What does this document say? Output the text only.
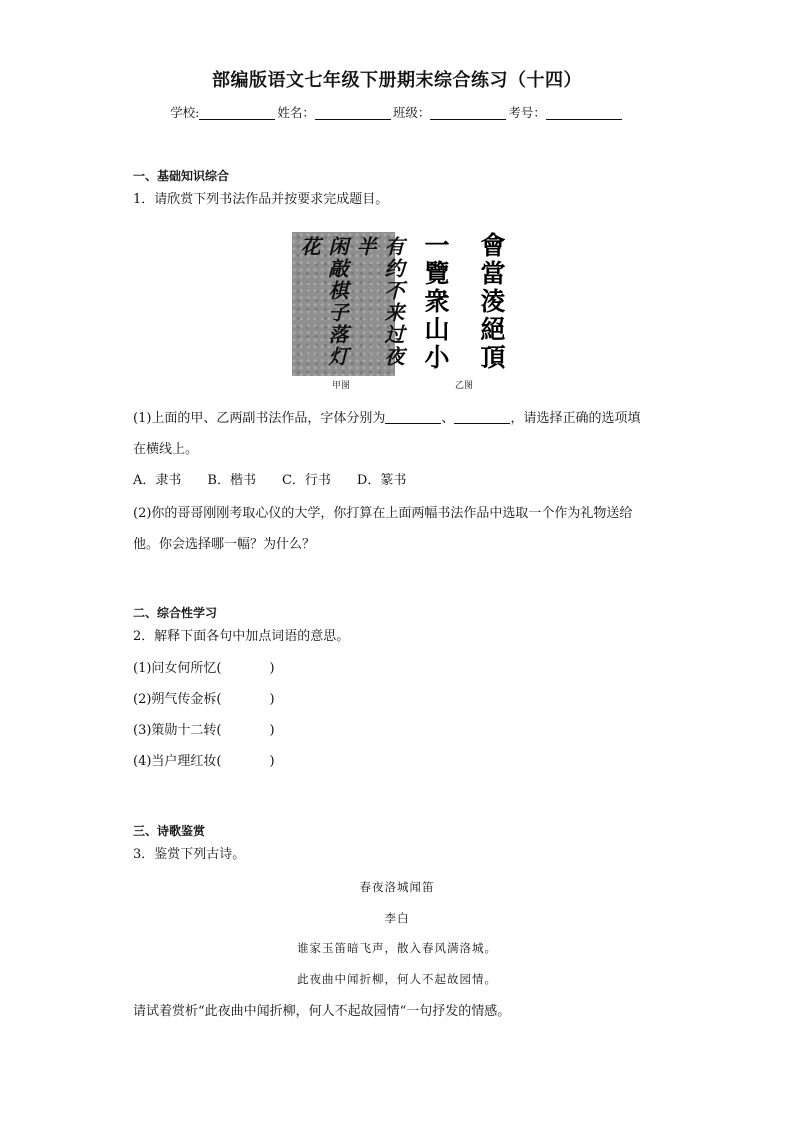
部编版语文七年级下册期末综合练习（十四）
学校:	姓名：	班级：	考号：
一、基础知识综合
1．请欣赏下列书法作品并按要求完成题目。
有约不来过夜半
闲敲棋子落灯花
甲图
會當淩絕頂
一覽衆山小
乙图
(1)上面的甲、乙两副书法作品，字体分别为	、	，请选择正确的选项填
在横线上。
A．隶书 B．楷书 C．行书 D．篆书
(2)你的哥哥刚刚考取心仪的大学，你打算在上面两幅书法作品中选取一个作为礼物送给
他。你会选择哪一幅？为什么？
二、综合性学习
2．解释下面各句中加点词语的意思。
(1)问女何所忆(	)
(2)朔气传金柝(	)
(3)策勋十二转(	)
(4)当户理红妆(	)
三、诗歌鉴赏
3．鉴赏下列古诗。
春夜洛城闻笛
李白
谁家玉笛暗飞声，散入春风满洛城。
此夜曲中闻折柳，何人不起故园情。
请试着赏析“此夜曲中闻折柳，何人不起故园情“一句抒发的情感。
